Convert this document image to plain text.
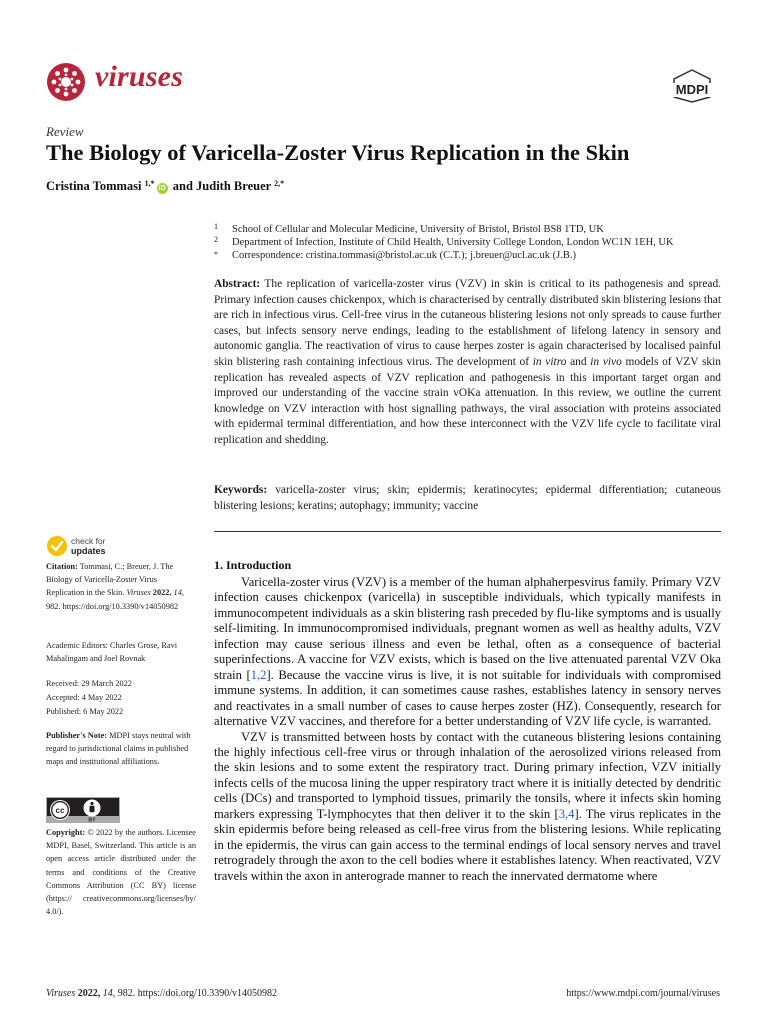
viruses	MDPI
Review
The Biology of Varicella-Zoster Virus Replication in the Skin
Cristina Tommasi $^{1,*}$iD and Judith Breuer $^{2,*}$
1 School of Cellular and Molecular Medicine, University of Bristol, Bristol BS8 1TD, UK
2 Department of Infection, Institute of Child Health, University College London, London WC1N 1EH, UK
* Correspondence: cristina.tommasi@bristol.ac.uk (C.T.); j.breuer@ucl.ac.uk (J.B.)
Abstract: The replication of varicella-zoster virus (VZV) in skin is critical to its pathogenesis and spread. Primary infection causes chickenpox, which is characterised by centrally distributed skin blistering lesions that are rich in infectious virus. Cell-free virus in the cutaneous blistering lesions not only spreads to cause further cases, but infects sensory nerve endings, leading to the establishment of lifelong latency in sensory and autonomic ganglia. The reactivation of virus to cause herpes zoster is again characterised by localised painful skin blistering rash containing infectious virus. The development of in vitro and in vivo models of VZV skin replication has revealed aspects of VZV replication and pathogenesis in this important target organ and improved our understanding of the vaccine strain vOKa attenuation. In this review, we outline the current knowledge on VZV interaction with host signalling pathways, the viral association with proteins associated with epidermal terminal differentiation, and how these interconnect with the VZV life cycle to facilitate viral replication and shedding.
Keywords: varicella-zoster virus; skin; epidermis; keratinocytes; epidermal differentiation; cutaneous blistering lesions; keratins; autophagy; immunity; vaccine
check for
updates
Citation: Tommasi, C.; Breuer, J. The Biology of Varicella-Zoster Virus Replication in the Skin. Viruses 2022, 14, 982. https://doi.org/10.3390/v14050982
Academic Editors: Charles Grose, Ravi Mahalingam and Joel Rovnak
Received: 29 March 2022
Accepted: 4 May 2022
Published: 6 May 2022
Publisher's Note: MDPI stays neutral with regard to jurisdictional claims in published maps and institutional affiliations.
cc
BY
Copyright: © 2022 by the authors. Licensee MDPI, Basel, Switzerland. This article is an open access article distributed under the terms and conditions of the Creative Commons Attribution (CC BY) license (https:// creativecommons.org/licenses/by/ 4.0/).
1. Introduction

Varicella-zoster virus (VZV) is a member of the human alphaherpesvirus family. Primary VZV infection causes chickenpox (varicella) in susceptible individuals, which typically manifests in immunocompetent individuals as a skin blistering rash preceded by flu-like symptoms and is usually self-limiting. In immunocompromised individuals, pregnant women as well as healthy adults, VZV infection may cause serious illness and even be lethal, often as a consequence of bacterial superinfections. A vaccine for VZV exists, which is based on the live attenuated parental VZV Oka strain [1,2]. Because the vaccine virus is live, it is not suitable for individuals with compromised immune systems. In addition, it can sometimes cause rashes, establishes latency in sensory nerves and reactivates in a small number of cases to cause herpes zoster (HZ). Consequently, research for alternative VZV vaccines, and therefore for a better understanding of VZV life cycle, is warranted.

VZV is transmitted between hosts by contact with the cutaneous blistering lesions containing the highly infectious cell-free virus or through inhalation of the aerosolized virions released from the skin lesions and to some extent the respiratory tract. During primary infection, VZV initially infects cells of the mucosa lining the upper respiratory tract where it is initially detected by dendritic cells (DCs) and transported to lymphoid tissues, primarily the tonsils, where it infects skin homing markers expressing T-lymphocytes that then deliver it to the skin [3,4]. The virus replicates in the skin epidermis before being released as cell-free virus from the blistering lesions. While replicating in the epidermis, the virus can gain access to the terminal endings of local sensory nerves and travel retrogradely through the axon to the cell bodies where it establishes latency. When reactivated, VZV travels within the axon in anterograde manner to reach the innervated dermatome where

Viruses 2022, 14, 982. https://doi.org/10.3390/v14050982	https://www.mdpi.com/journal/viruses
